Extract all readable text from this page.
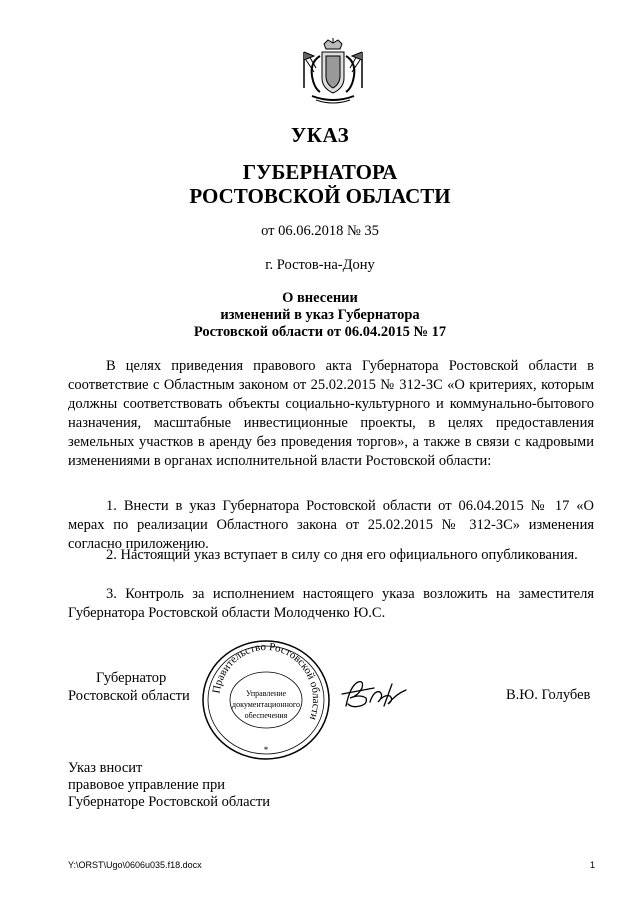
УКАЗ
ГУБЕРНАТОРА
РОСТОВСКОЙ ОБЛАСТИ
от 06.06.2018 № 35
г. Ростов-на-Дону
О внесении
изменений в указ Губернатора
Ростовской области от 06.04.2015 № 17
В целях приведения правового акта Губернатора Ростовской области в соответствие с Областным законом от 25.02.2015 № 312-ЗС «О критериях, которым должны соответствовать объекты социально-культурного и коммунально-бытового назначения, масштабные инвестиционные проекты, в целях предоставления земельных участков в аренду без проведения торгов», а также в связи с кадровыми изменениями в органах исполнительной власти Ростовской области:
1. Внести в указ Губернатора Ростовской области от 06.04.2015 № 17 «О мерах по реализации Областного закона от 25.02.2015 № 312-ЗС» изменения согласно приложению.
2. Настоящий указ вступает в силу со дня его официального опубликования.
3. Контроль за исполнением настоящего указа возложить на заместителя Губернатора Ростовской области Молодченко Ю.С.
Губернатор
Ростовской области Правительство Ростовской области
Управление
документационного
обеспечения
*
В.Ю. Голубев
Указ вносит
правовое управление при
Губернаторе Ростовской области
Y:\ORST\Ugo\0606u035.f18.docx	1
